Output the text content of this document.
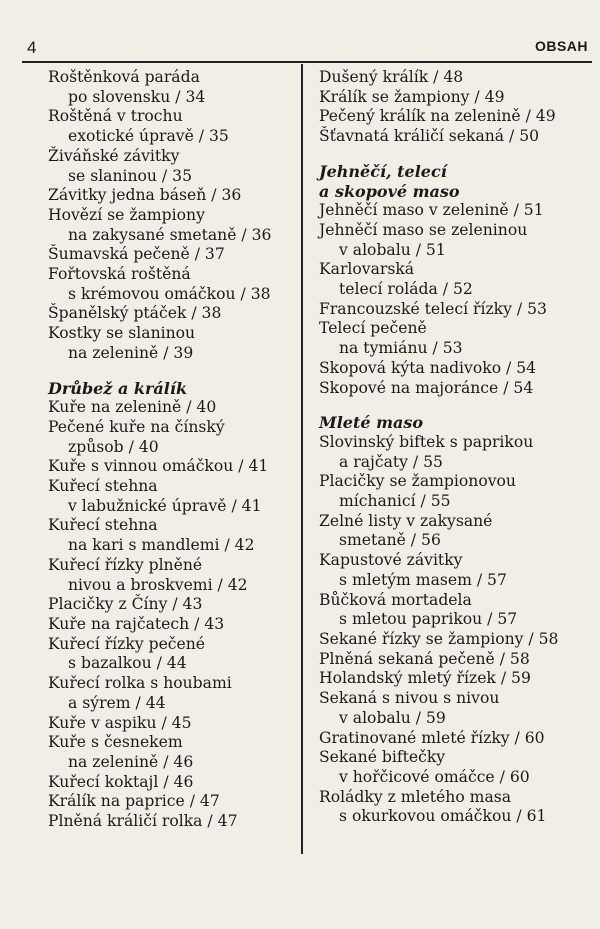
4	OBSAH
Roštěnková paráda
po slovensku / 34
Roštěná v trochu
exotické úpravě / 35
Živáňské závitky
se slaninou / 35
Závitky jedna báseň / 36
Hovězí se žampiony
na zakysané smetaně / 36
Šumavská pečeně / 37
Fořtovská roštěná
s krémovou omáčkou / 38
Španělský ptáček / 38
Kostky se slaninou
na zelenině / 39
Drůbež a králík
Kuře na zelenině / 40
Pečené kuře na čínský
způsob / 40
Kuře s vinnou omáčkou / 41
Kuřecí stehna
v labužnické úpravě / 41
Kuřecí stehna
na kari s mandlemi / 42
Kuřecí řízky plněné
nivou a broskvemi / 42
Placičky z Číny / 43
Kuře na rajčatech / 43
Kuřecí řízky pečené
s bazalkou / 44
Kuřecí rolka s houbami
a sýrem / 44
Kuře v aspiku / 45
Kuře s česnekem
na zelenině / 46
Kuřecí koktajl / 46
Králík na paprice / 47
Plněná králičí rolka / 47
Dušený králík / 48
Králík se žampiony / 49
Pečený králík na zelenině / 49
Šťavnatá králičí sekaná / 50
Jehněčí, telecí
a skopové maso
Jehněčí maso v zelenině / 51
Jehněčí maso se zeleninou
v alobalu / 51
Karlovarská
telecí roláda / 52
Francouzské telecí řízky / 53
Telecí pečeně
na tymiánu / 53
Skopová kýta nadivoko / 54
Skopové na majoránce / 54
Mleté maso
Slovinský biftek s paprikou
a rajčaty / 55
Placičky se žampionovou
míchanicí / 55
Zelné listy v zakysané
smetaně / 56
Kapustové závitky
s mletým masem / 57
Bůčková mortadela
s mletou paprikou / 57
Sekané řízky se žampiony / 58
Plněná sekaná pečeně / 58
Holandský mletý řízek / 59
Sekaná s nivou s nivou
v alobalu / 59
Gratinované mleté řízky / 60
Sekané biftečky
v hořčicové omáčce / 60
Roládky z mletého masa
s okurkovou omáčkou / 61
